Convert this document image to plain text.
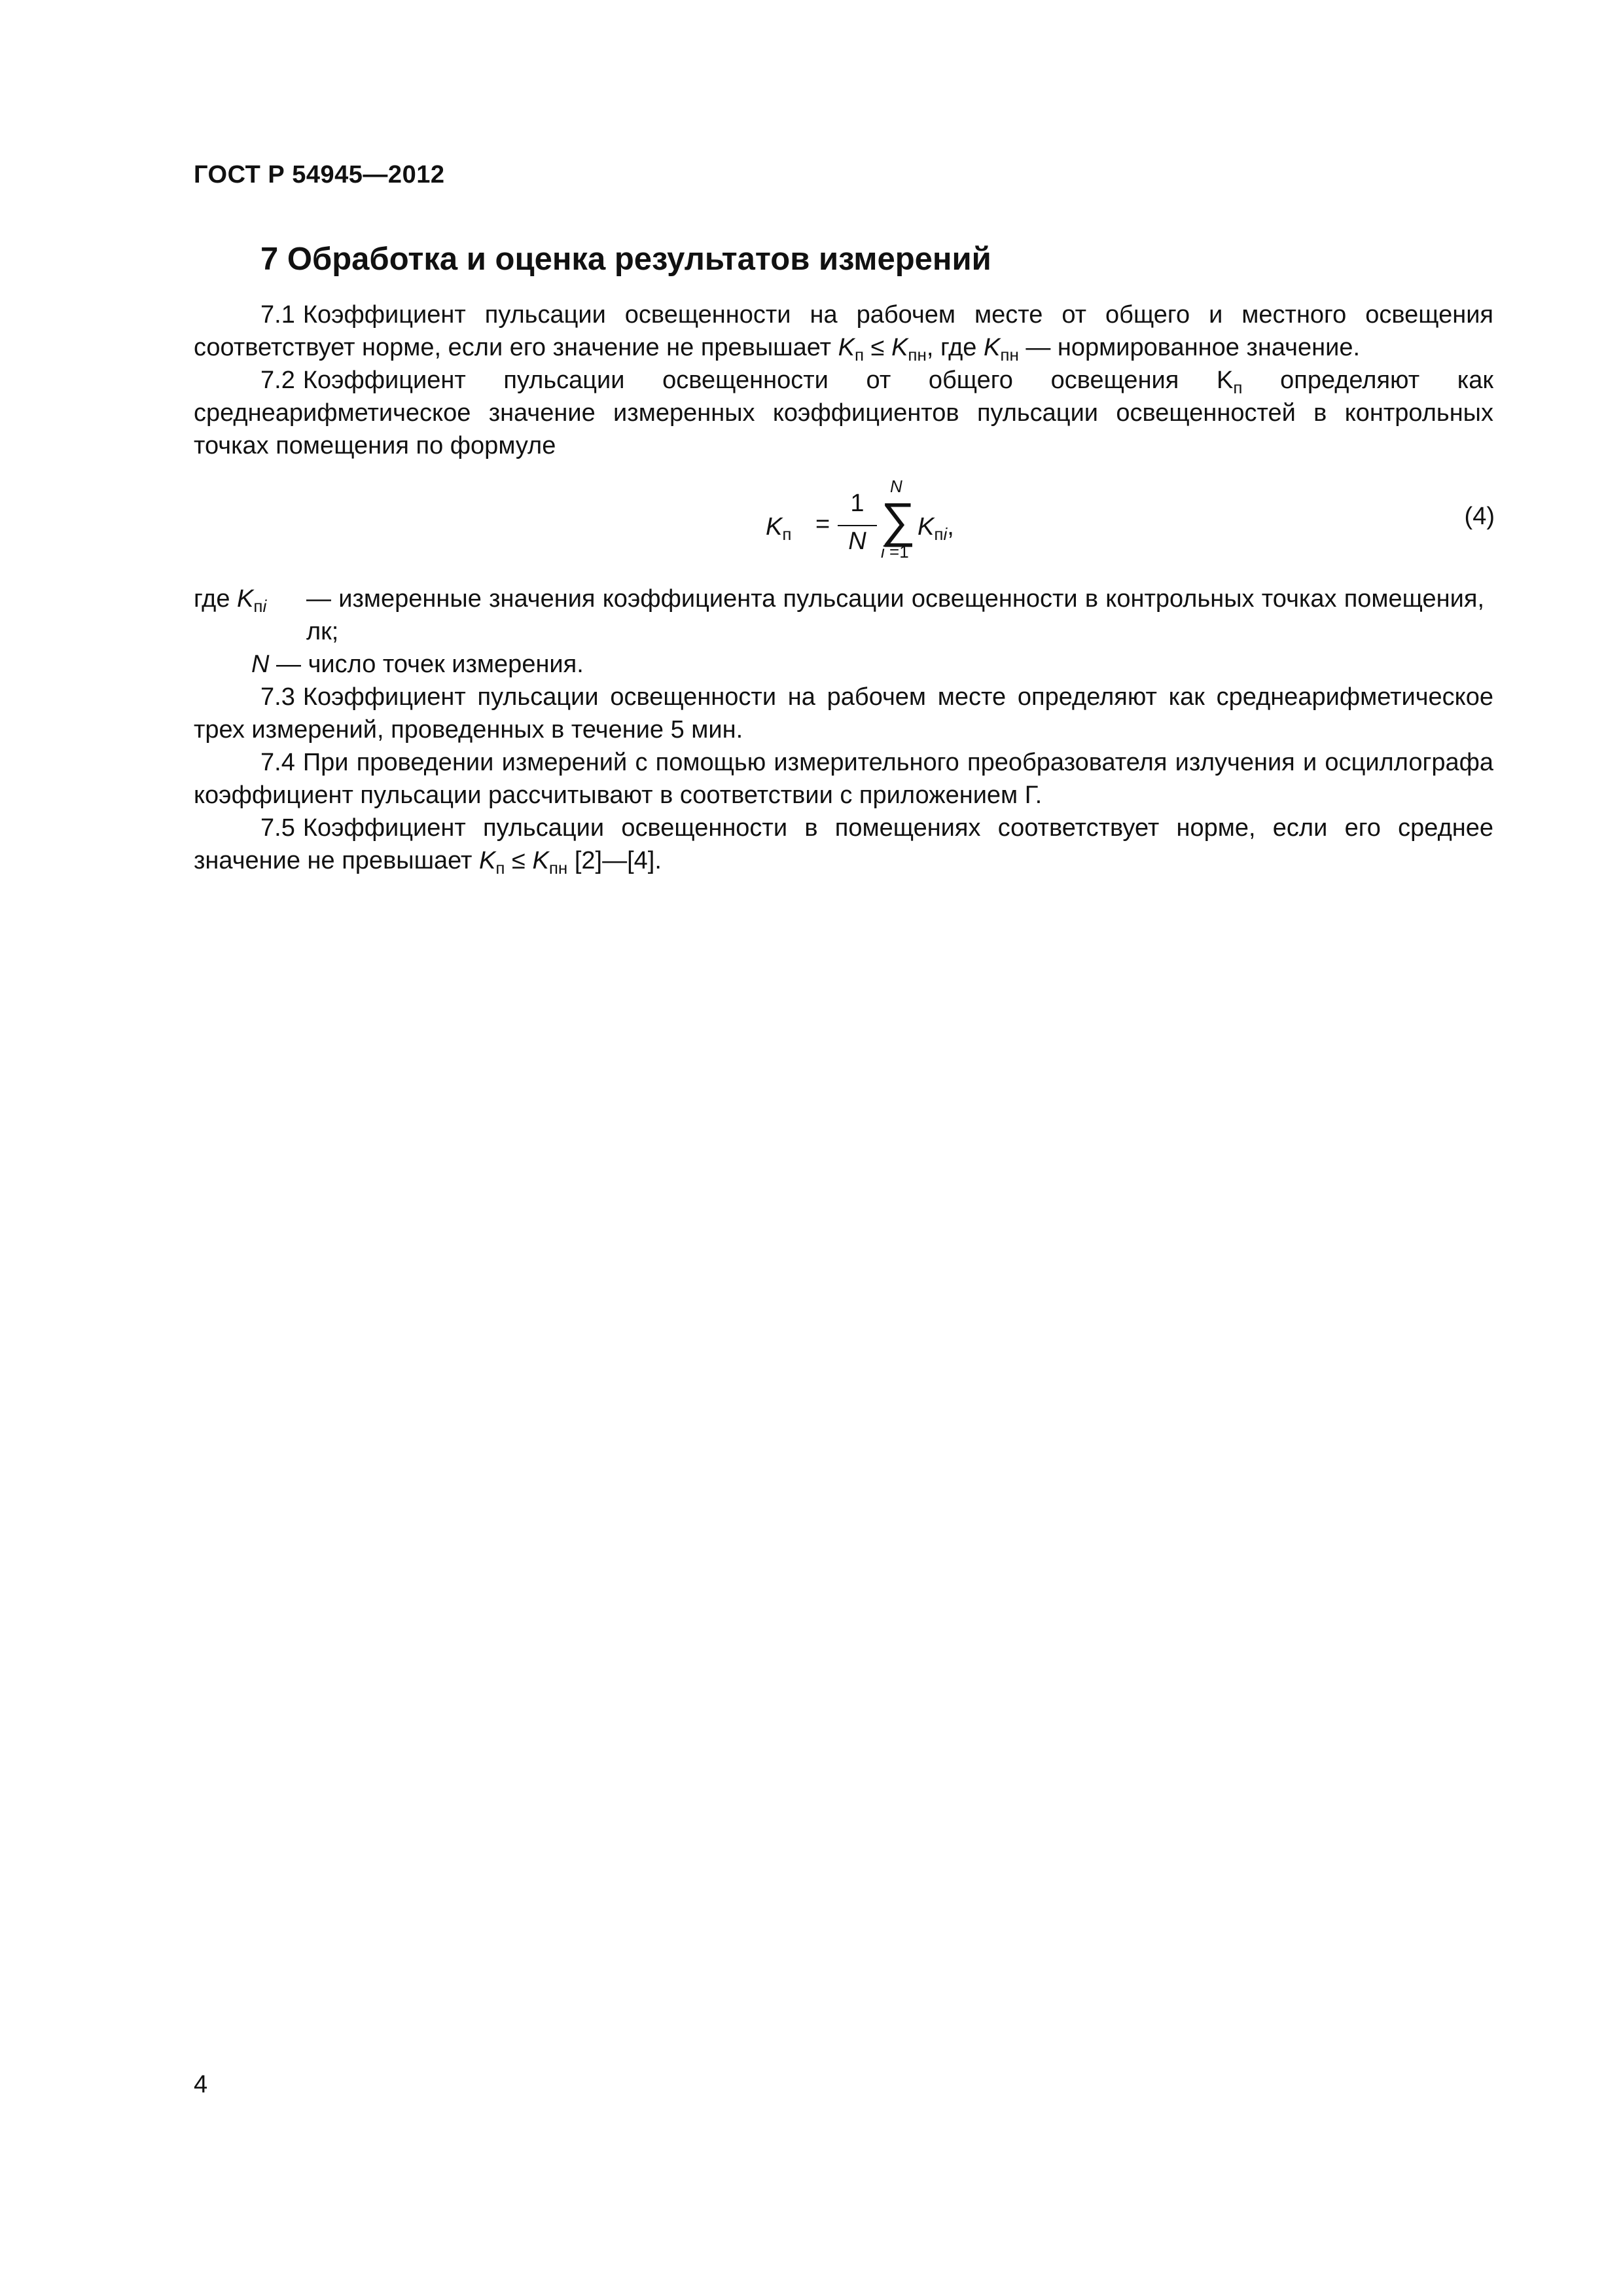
ГОСТ Р 54945—2012
7 Обработка и оценка результатов измерений

7.1 Коэффициент пульсации освещенности на рабочем месте от общего и местного освещения соответствует норме, если его значение не превышает $K_п \le K_{пн}$, где $K_{пн}$ — нормированное значение.

7.2 Коэффициент пульсации освещенности от общего освещения $K_п$ определяют как среднеарифметическое значение измеренных коэффициентов пульсации освещенностей в контрольных точках помещения по формуле

$K_п$ =
1
N
N
∑
i =1
$K_{пi}$,	(4)

где $K_{пi}$ — измеренные значения коэффициента пульсации освещенности в контрольных точках помещения, лк;

N — число точек измерения.

7.3 Коэффициент пульсации освещенности на рабочем месте определяют как среднеарифметическое трех измерений, проведенных в течение 5 мин.

7.4 При проведении измерений с помощью измерительного преобразователя излучения и осциллографа коэффициент пульсации рассчитывают в соответствии с приложением Г.

7.5 Коэффициент пульсации освещенности в помещениях соответствует норме, если его среднее значение не превышает $K_п \le K_{пн}$ [2]—[4].

4
